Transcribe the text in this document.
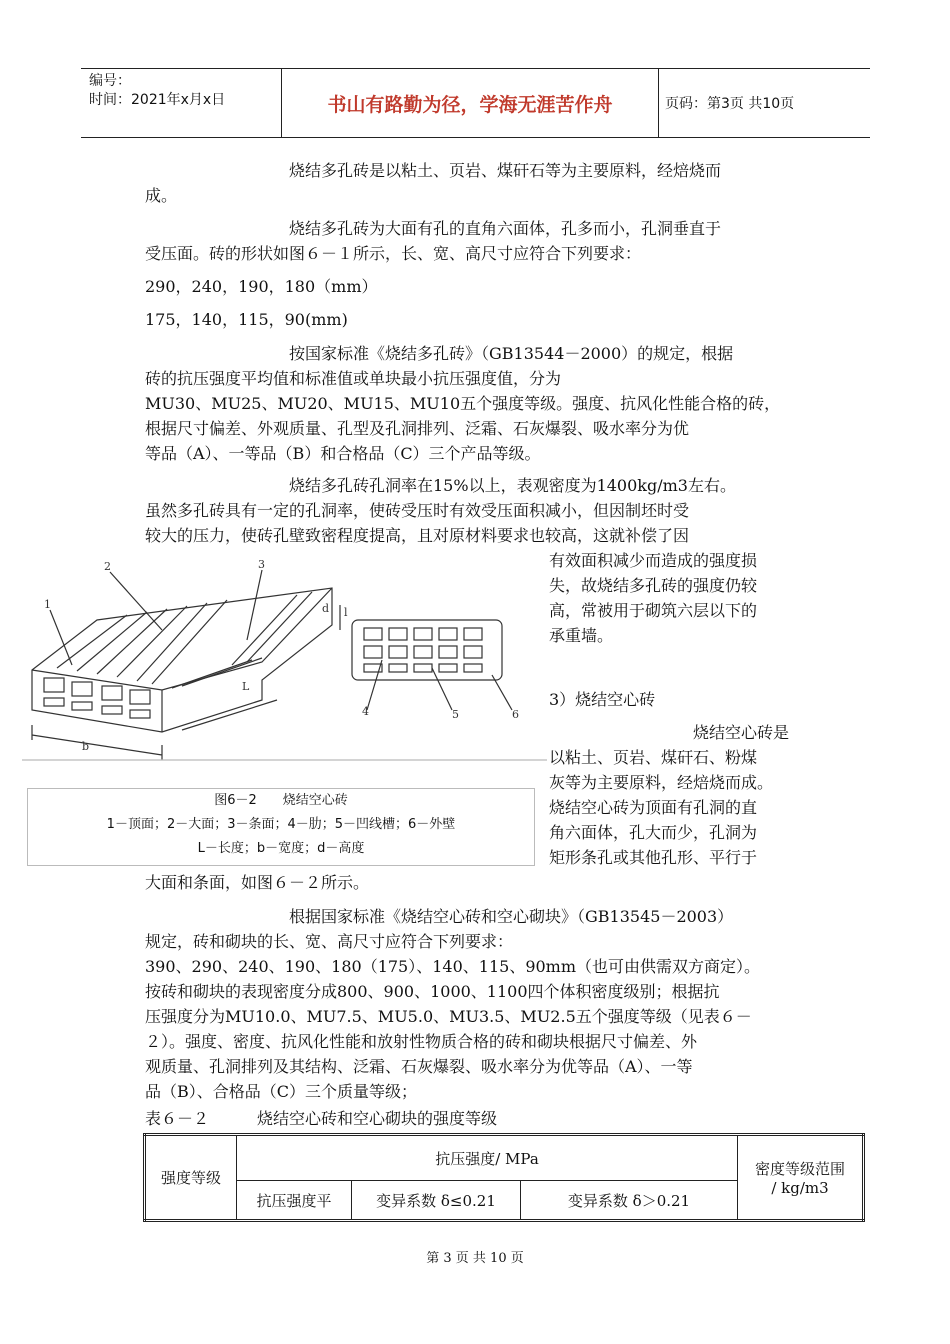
编号：
时间：2021年x月x日	书山有路勤为径，学海无涯苦作舟	页码：第3页 共10页
烧结多孔砖是以粘土、页岩、煤矸石等为主要原料，经焙烧而
成。
烧结多孔砖为大面有孔的直角六面体，孔多而小，孔洞垂直于
受压面。砖的形状如图６－１所示，长、宽、高尺寸应符合下列要求：
290，240，190，180（mm）
175，140，115，90(mm)
按国家标准《烧结多孔砖》（GB13544－2000）的规定，根据
砖的抗压强度平均值和标准值或单块最小抗压强度值，分为
MU30、MU25、MU20、MU15、MU10五个强度等级。强度、抗风化性能合格的砖，
根据尺寸偏差、外观质量、孔型及孔洞排列、泛霜、石灰爆裂、吸水率分为优
等品（A）、一等品（B）和合格品（C）三个产品等级。
烧结多孔砖孔洞率在15%以上，表观密度为1400kg/m3左右。
虽然多孔砖具有一定的孔洞率，使砖受压时有效受压面积减小，但因制坯时受
较大的压力，使砖孔壁致密程度提高，且对原材料要求也较高，这就补偿了因
有效面积减少而造成的强度损
失，故烧结多孔砖的强度仍较
高，常被用于砌筑六层以下的
承重墙。
3）烧结空心砖
烧结空心砖是
以粘土、页岩、煤矸石、粉煤
灰等为主要原料，经焙烧而成。
烧结空心砖为顶面有孔洞的直
角六面体，孔大而少，孔洞为
矩形条孔或其他孔形、平行于
大面和条面，如图６－２所示。
根据国家标准《烧结空心砖和空心砌块》（GB13545－2003）
规定，砖和砌块的长、宽、高尺寸应符合下列要求：
390、290、240、190、180（175）、140、115、90mm（也可由供需双方商定）。
按砖和砌块的表现密度分成800、900、1000、1100四个体积密度级别；根据抗
压强度分为MU10.0、MU7.5、MU5.0、MU3.5、MU2.5五个强度等级（见表６－
２）。强度、密度、抗风化性能和放射性物质合格的砖和砌块根据尺寸偏差、外
观质量、孔洞排列及其结构、泛霜、石灰爆裂、吸水率分为优等品（A）、一等
品（B）、合格品（C）三个质量等级；
1
2	3
4	5	6
l
L
b
d
图6－2　　烧结空心砖
1－顶面；2－大面；3－条面；4－肋；5－凹线槽；6－外壁
L－长度；b－宽度；d－高度
表６－２　　　烧结空心砖和空心砌块的强度等级
强度等级	抗压强度/ MPa			密度等级范围
/ kg/m3

	抗压强度平	变异系数 δ≤0.21	变异系数 δ＞0.21	
第 3 页 共 10 页
